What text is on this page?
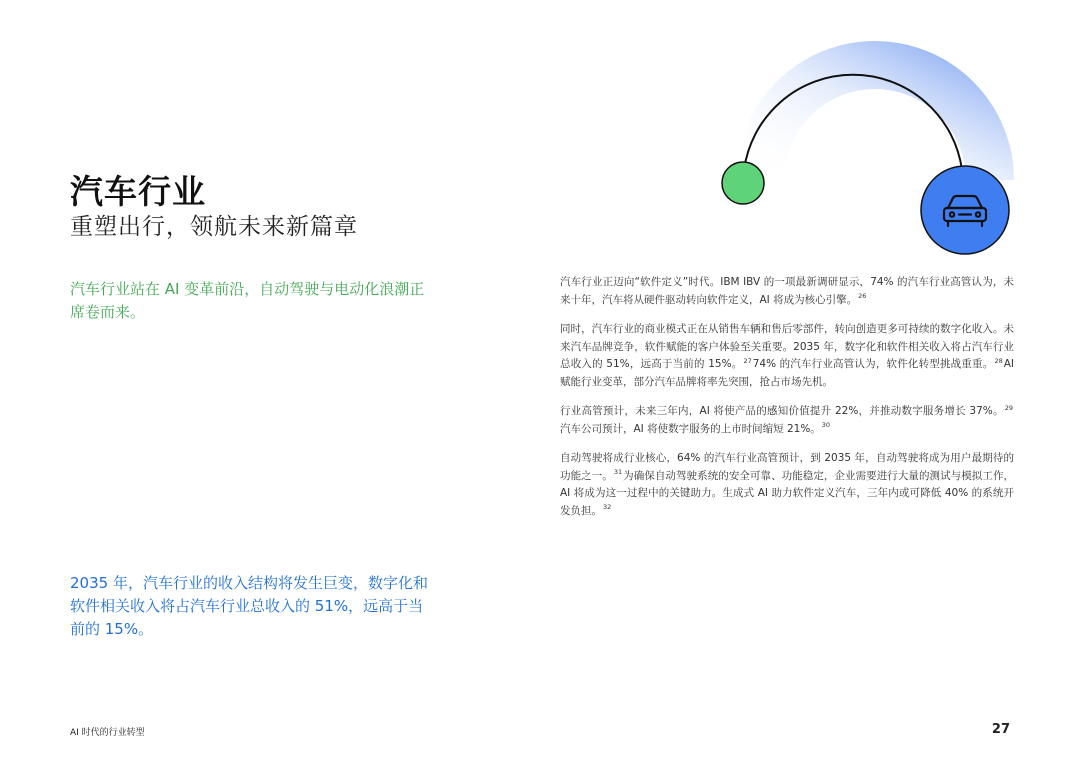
汽车行业
重塑出行，领航未来新篇章
汽车行业站在 AI 变革前沿，自动驾驶与电动化浪潮正席卷而来。
2035 年，汽车行业的收入结构将发生巨变，数字化和软件相关收入将占汽车行业总收入的 51%，远高于当前的 15%。

汽车行业正迈向“软件定义”时代。IBM IBV 的一项最新调研显示，74% 的汽车行业高管认为，未来十年，汽车将从硬件驱动转向软件定义，AI 将成为核心引擎。$^{26}$

同时，汽车行业的商业模式正在从销售车辆和售后零部件，转向创造更多可持续的数字化收入。未来汽车品牌竞争，软件赋能的客户体验至关重要。2035 年，数字化和软件相关收入将占汽车行业总收入的 51%，远高于当前的 15%。$^{27}$74% 的汽车行业高管认为，软件化转型挑战重重。$^{28}$AI 赋能行业变革，部分汽车品牌将率先突围，抢占市场先机。

行业高管预计，未来三年内，AI 将使产品的感知价值提升 22%，并推动数字服务增长 37%。$^{29}$汽车公司预计，AI 将使数字服务的上市时间缩短 21%。$^{30}$

自动驾驶将成行业核心，64% 的汽车行业高管预计，到 2035 年，自动驾驶将成为用户最期待的功能之一。$^{31}$为确保自动驾驶系统的安全可靠、功能稳定，企业需要进行大量的测试与模拟工作，AI 将成为这一过程中的关键助力。生成式 AI 助力软件定义汽车，三年内或可降低 40% 的系统开发负担。$^{32}$

AI 时代的行业转型	27
